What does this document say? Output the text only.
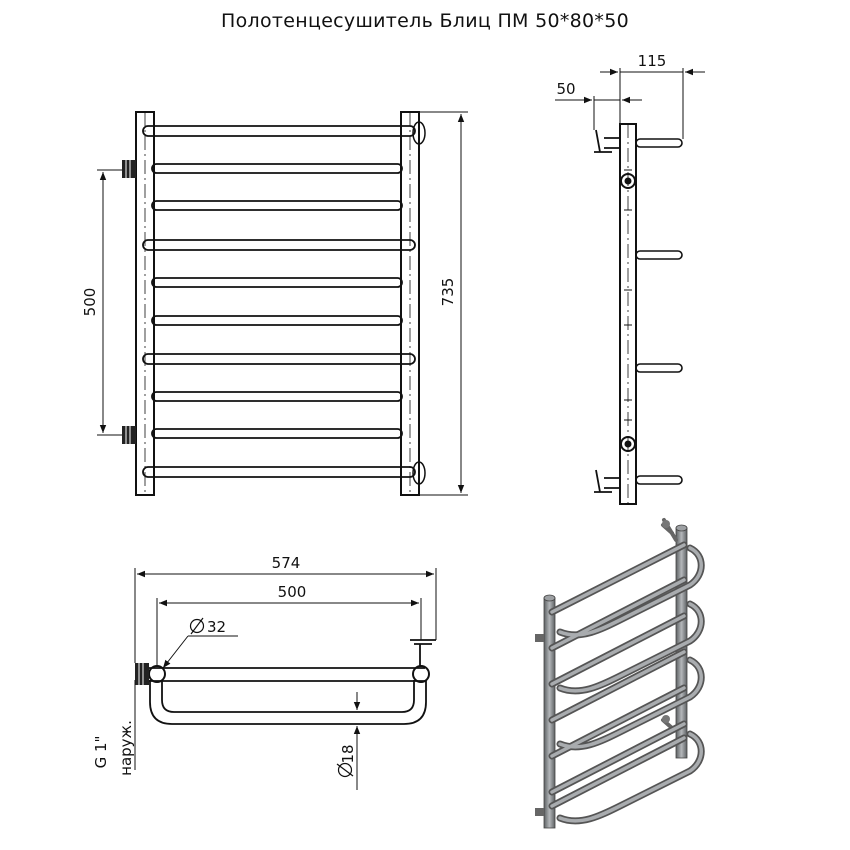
Полотенцесушитель Блиц ПМ 50*80*50
500	735
115
50
574
500
32
18
G 1" наруж.
